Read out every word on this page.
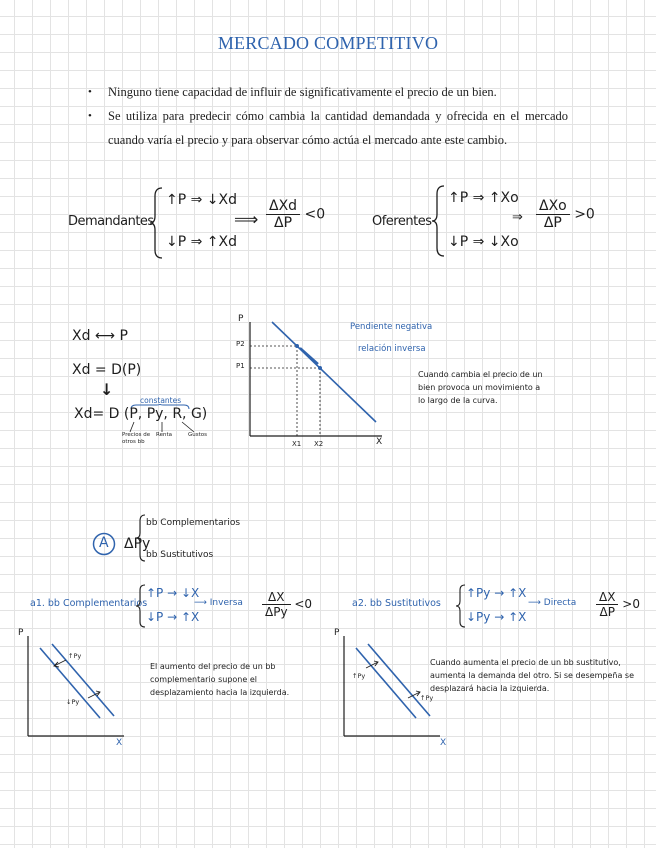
MERCADO COMPETITIVO
• Ninguno tiene capacidad de influir de significativamente el precio de un bien.
• Se utiliza para predecir cómo cambia la cantidad demandada y ofrecida en el mercado cuando varía el precio y para observar cómo actúa el mercado ante este cambio.
Demandantes
↑P ⇒ ↓Xd
↓P ⇒ ↑Xd
⟹ $\frac{\text{ΔXd}}{\Delta P} <0$	Oferentes
↑P ⇒ ↑Xo
↓P ⇒ ↓Xo
⇒ $\frac{\text{ΔXo}}{\Delta P} >0$
Xd ⟷ P
Xd = D(P)
↓
constantes
Xd= D (P, Py, R, G)
Precios de otros bb
Renta	Gustos
P
P2
P1
X
X1 X2
Pendiente negativa
relación inversa
Cuando cambia el precio de un bien provoca un movimiento a lo largo de la curva.
A ΔPy
bb Complementarios
bb Sustitutivos
a1. bb Complementarios
↑P → ↓X
↓P → ↑X
⟶ Inversa $\frac{\Delta X}{\text{ΔPy}} <0$
P
X
↑Py
↓Py
El aumento del precio de un bb complementario supone el desplazamiento hacia la izquierda.
a2. bb Sustitutivos
↑Py → ↑X
↓Py → ↑X
⟶ Directa $\frac{\Delta X}{\Delta P} >0$
P
X
↑Py
↑Py
Cuando aumenta el precio de un bb sustitutivo, aumenta la demanda del otro. Si se desempeña se desplazará hacia la izquierda.
